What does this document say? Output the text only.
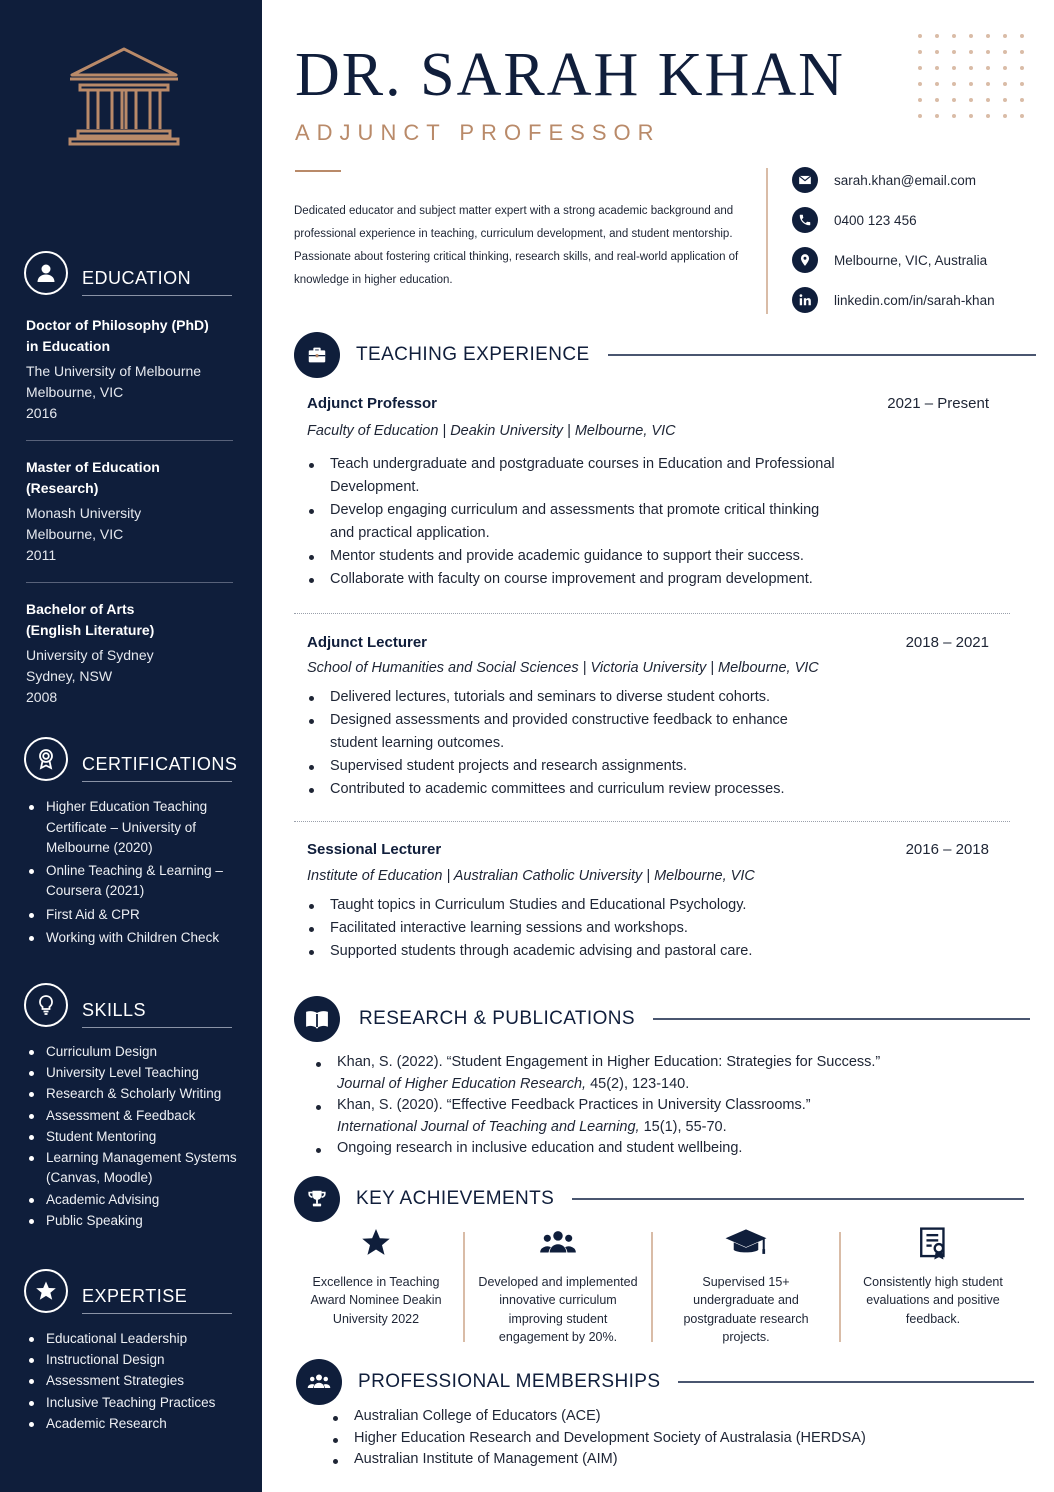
EDUCATION
Doctor of Philosophy (PhD)
in Education
The University of Melbourne
Melbourne, VIC
2016
Master of Education
(Research)
Monash University
Melbourne, VIC
2011
Bachelor of Arts
(English Literature)
University of Sydney
Sydney, NSW
2008
CERTIFICATIONS
Higher Education Teaching Certificate – University of Melbourne (2020)
Online Teaching & Learning – Coursera (2021)
First Aid & CPR
Working with Children Check
SKILLS
Curriculum Design
University Level Teaching
Research & Scholarly Writing
Assessment & Feedback
Student Mentoring
Learning Management Systems (Canvas, Moodle)
Academic Advising
Public Speaking
EXPERTISE
Educational Leadership
Instructional Design
Assessment Strategies
Inclusive Teaching Practices
Academic Research
DR. SARAH KHAN
ADJUNCT PROFESSOR
Dedicated educator and subject matter expert with a strong academic background and professional experience in teaching, curriculum development, and student mentorship. Passionate about fostering critical thinking, research skills, and real-world application of knowledge in higher education.
sarah.khan@email.com
0400 123 456
Melbourne, VIC, Australia
linkedin.com/in/sarah-khan
TEACHING EXPERIENCE
Adjunct Professor	2021 – Present
Faculty of Education | Deakin University | Melbourne, VIC
Teach undergraduate and postgraduate courses in Education and Professional Development.
Develop engaging curriculum and assessments that promote critical thinking and practical application.
Mentor students and provide academic guidance to support their success.
Collaborate with faculty on course improvement and program development.
Adjunct Lecturer	2018 – 2021
School of Humanities and Social Sciences | Victoria University | Melbourne, VIC
Delivered lectures, tutorials and seminars to diverse student cohorts.
Designed assessments and provided constructive feedback to enhance student learning outcomes.
Supervised student projects and research assignments.
Contributed to academic committees and curriculum review processes.
Sessional Lecturer	2016 – 2018
Institute of Education | Australian Catholic University | Melbourne, VIC
Taught topics in Curriculum Studies and Educational Psychology.
Facilitated interactive learning sessions and workshops.
Supported students through academic advising and pastoral care.
RESEARCH & PUBLICATIONS
Khan, S. (2022). “Student Engagement in Higher Education: Strategies for Success.”
Journal of Higher Education Research, 45(2), 123-140.
Khan, S. (2020). “Effective Feedback Practices in University Classrooms.”
International Journal of Teaching and Learning, 15(1), 55-70.
Ongoing research in inclusive education and student wellbeing.
KEY ACHIEVEMENTS
Excellence in Teaching Award Nominee Deakin University 2022
Developed and implemented innovative curriculum improving student engagement by 20%.
Supervised 15+ undergraduate and postgraduate research projects.
Consistently high student evaluations and positive feedback.
PROFESSIONAL MEMBERSHIPS
Australian College of Educators (ACE)
Higher Education Research and Development Society of Australasia (HERDSA)
Australian Institute of Management (AIM)
